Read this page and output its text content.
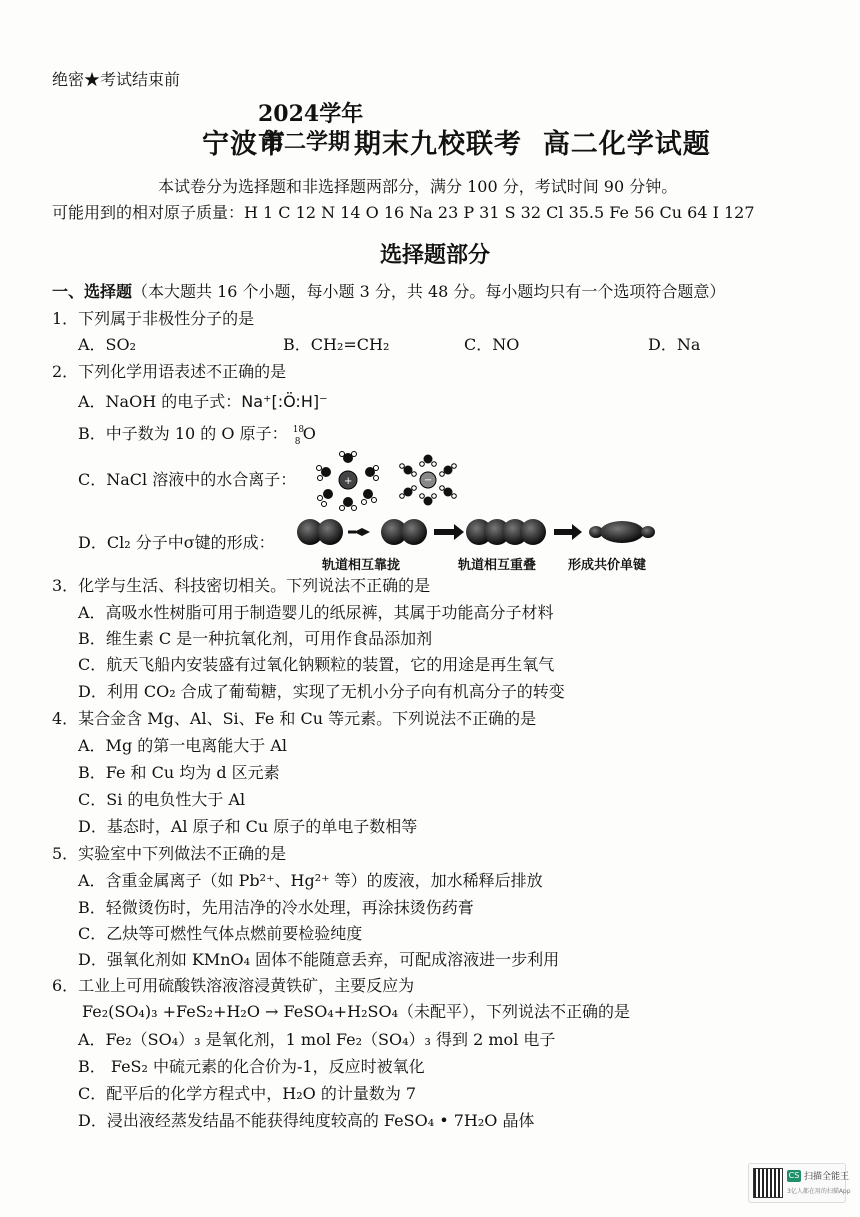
绝密★考试结束前
宁波市
2024学年
第二学期 期末九校联考 高二化学试题
本试卷分为选择题和非选择题两部分，满分 100 分，考试时间 90 分钟。
可能用到的相对原子质量：H 1 C 12 N 14 O 16 Na 23 P 31 S 32 Cl 35.5 Fe 56 Cu 64 I 127
选择题部分
一、选择题（本大题共 16 个小题，每小题 3 分，共 48 分。每小题均只有一个选项符合题意）
1．下列属于非极性分子的是
A．SO₂	B．CH₂=CH₂	C．NO	D．Na
2．下列化学用语表述不正确的是
A．NaOH 的电子式：Na⁺[:Ö:H]⁻
B．中子数为 10 的 O 原子： 18
8 O
C．NaCl 溶液中的水合离子：	+	−
D．Cl₂ 分子中σ键的形成：
轨道相互靠拢	轨道相互重叠 形成共价单键
3．化学与生活、科技密切相关。下列说法不正确的是
A．高吸水性树脂可用于制造婴儿的纸尿裤，其属于功能高分子材料
B．维生素 C 是一种抗氧化剂，可用作食品添加剂
C．航天飞船内安装盛有过氧化钠颗粒的装置，它的用途是再生氧气
D．利用 CO₂ 合成了葡萄糖，实现了无机小分子向有机高分子的转变
4．某合金含 Mg、Al、Si、Fe 和 Cu 等元素。下列说法不正确的是
A．Mg 的第一电离能大于 Al
B．Fe 和 Cu 均为 d 区元素
C．Si 的电负性大于 Al
D．基态时，Al 原子和 Cu 原子的单电子数相等
5．实验室中下列做法不正确的是
A．含重金属离子（如 Pb²⁺、Hg²⁺ 等）的废液，加水稀释后排放
B．轻微烫伤时，先用洁净的冷水处理，再涂抹烫伤药膏
C．乙炔等可燃性气体点燃前要检验纯度
D．强氧化剂如 KMnO₄ 固体不能随意丢弃，可配成溶液进一步利用
6．工业上可用硫酸铁溶液溶浸黄铁矿，主要反应为
Fe₂(SO₄)₃ +FeS₂+H₂O → FeSO₄+H₂SO₄（未配平），下列说法不正确的是
A．Fe₂（SO₄）₃ 是氧化剂，1 mol Fe₂（SO₄）₃ 得到 2 mol 电子
B． FeS₂ 中硫元素的化合价为-1，反应时被氧化
C．配平后的化学方程式中，H₂O 的计量数为 7
D．浸出液经蒸发结晶不能获得纯度较高的 FeSO₄ • 7H₂O 晶体
CS 扫描全能王
3亿人都在用的扫描App
